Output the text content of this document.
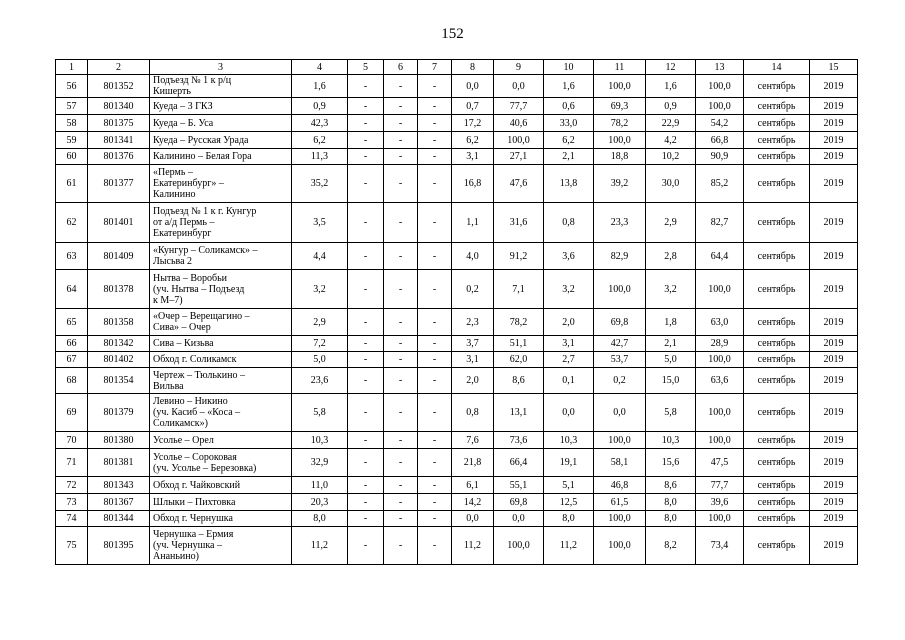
152
1	2	3	4	5	6	7	8	9	10	11	12	13	14	15
56	801352	Подъезд № 1 к р/ц
Кишерть	1,6	-	-	-	0,0	0,0	1,6	100,0	1,6	100,0	сентябрь	2019
57	801340	Куеда – 3 ГКЗ	0,9	-	-	-	0,7	77,7	0,6	69,3	0,9	100,0	сентябрь	2019
58	801375	Куеда – Б. Уса	42,3	-	-	-	17,2	40,6	33,0	78,2	22,9	54,2	сентябрь	2019
59	801341	Куеда – Русская Урада	6,2	-	-	-	6,2	100,0	6,2	100,0	4,2	66,8	сентябрь	2019
60	801376	Калинино – Белая Гора	11,3	-	-	-	3,1	27,1	2,1	18,8	10,2	90,9	сентябрь	2019
61	801377	«Пермь –
Екатеринбург» –
Калинино	35,2	-	-	-	16,8	47,6	13,8	39,2	30,0	85,2	сентябрь	2019
62	801401	Подъезд № 1 к г. Кунгур
от а/д Пермь –
Екатеринбург	3,5	-	-	-	1,1	31,6	0,8	23,3	2,9	82,7	сентябрь	2019
63	801409	«Кунгур – Соликамск» –
Лысьва 2	4,4	-	-	-	4,0	91,2	3,6	82,9	2,8	64,4	сентябрь	2019
64	801378	Нытва – Воробьи
(уч. Нытва – Подъезд
к М–7)	3,2	-	-	-	0,2	7,1	3,2	100,0	3,2	100,0	сентябрь	2019
65	801358	«Очер – Верещагино –
Сива» – Очер	2,9	-	-	-	2,3	78,2	2,0	69,8	1,8	63,0	сентябрь	2019
66	801342	Сива – Кизьва	7,2	-	-	-	3,7	51,1	3,1	42,7	2,1	28,9	сентябрь	2019
67	801402	Обход г. Соликамск	5,0	-	-	-	3,1	62,0	2,7	53,7	5,0	100,0	сентябрь	2019
68	801354	Чертеж – Тюлькино –
Вильва	23,6	-	-	-	2,0	8,6	0,1	0,2	15,0	63,6	сентябрь	2019
69	801379	Левино – Никино
(уч. Касиб – «Коса –
Соликамск»)	5,8	-	-	-	0,8	13,1	0,0	0,0	5,8	100,0	сентябрь	2019
70	801380	Усолье – Орел	10,3	-	-	-	7,6	73,6	10,3	100,0	10,3	100,0	сентябрь	2019
71	801381	Усолье – Сороковая
(уч. Усолье – Березовка)	32,9	-	-	-	21,8	66,4	19,1	58,1	15,6	47,5	сентябрь	2019
72	801343	Обход г. Чайковский	11,0	-	-	-	6,1	55,1	5,1	46,8	8,6	77,7	сентябрь	2019
73	801367	Шлыки – Пихтовка	20,3	-	-	-	14,2	69,8	12,5	61,5	8,0	39,6	сентябрь	2019
74	801344	Обход г. Чернушка	8,0	-	-	-	0,0	0,0	8,0	100,0	8,0	100,0	сентябрь	2019
75	801395	Чернушка – Ермия
(уч. Чернушка –
Ананьино)	11,2	-	-	-	11,2	100,0	11,2	100,0	8,2	73,4	сентябрь	2019
